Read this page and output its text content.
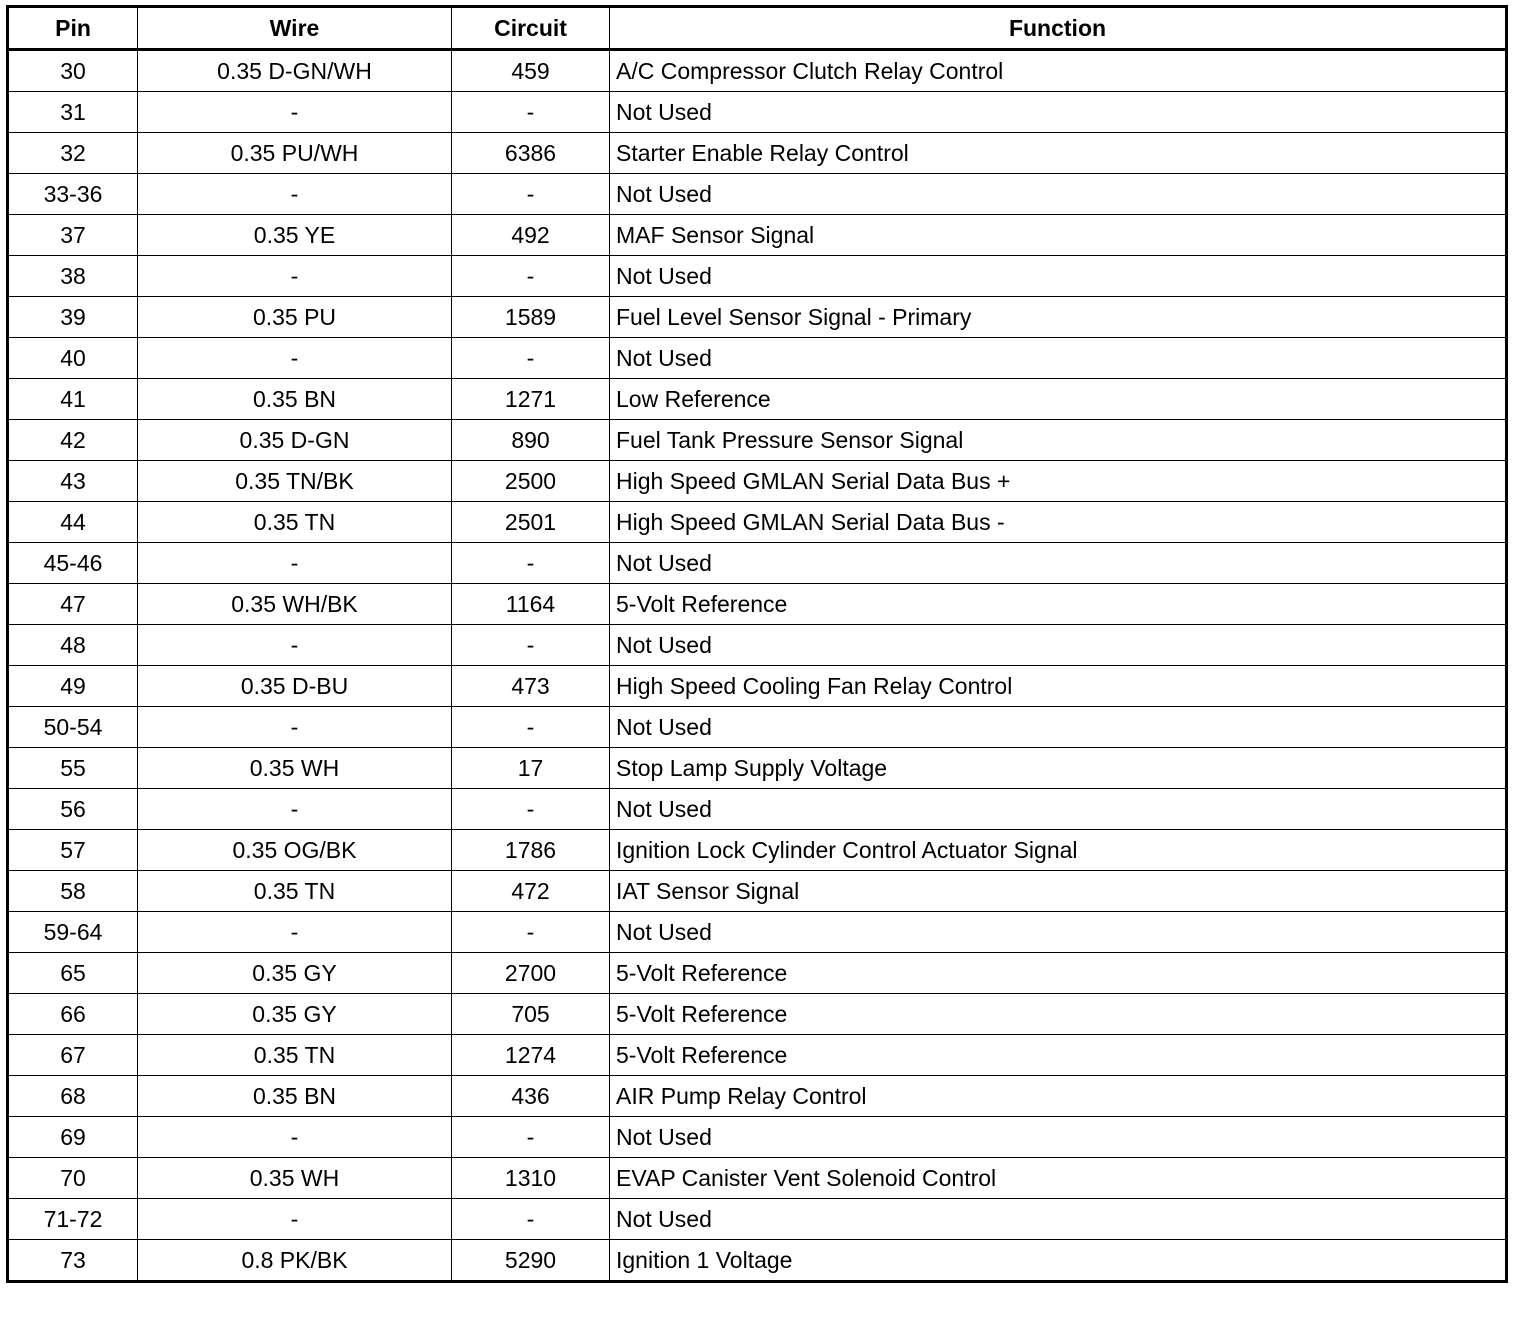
Pin	Wire	Circuit	Function
30	0.35 D-GN/WH	459	A/C Compressor Clutch Relay Control
31	-	-	Not Used
32	0.35 PU/WH	6386	Starter Enable Relay Control
33-36	-	-	Not Used
37	0.35 YE	492	MAF Sensor Signal
38	-	-	Not Used
39	0.35 PU	1589	Fuel Level Sensor Signal - Primary
40	-	-	Not Used
41	0.35 BN	1271	Low Reference
42	0.35 D-GN	890	Fuel Tank Pressure Sensor Signal
43	0.35 TN/BK	2500	High Speed GMLAN Serial Data Bus +
44	0.35 TN	2501	High Speed GMLAN Serial Data Bus -
45-46	-	-	Not Used
47	0.35 WH/BK	1164	5-Volt Reference
48	-	-	Not Used
49	0.35 D-BU	473	High Speed Cooling Fan Relay Control
50-54	-	-	Not Used
55	0.35 WH	17	Stop Lamp Supply Voltage
56	-	-	Not Used
57	0.35 OG/BK	1786	Ignition Lock Cylinder Control Actuator Signal
58	0.35 TN	472	IAT Sensor Signal
59-64	-	-	Not Used
65	0.35 GY	2700	5-Volt Reference
66	0.35 GY	705	5-Volt Reference
67	0.35 TN	1274	5-Volt Reference
68	0.35 BN	436	AIR Pump Relay Control
69	-	-	Not Used
70	0.35 WH	1310	EVAP Canister Vent Solenoid Control
71-72	-	-	Not Used
73	0.8 PK/BK	5290	Ignition 1 Voltage
